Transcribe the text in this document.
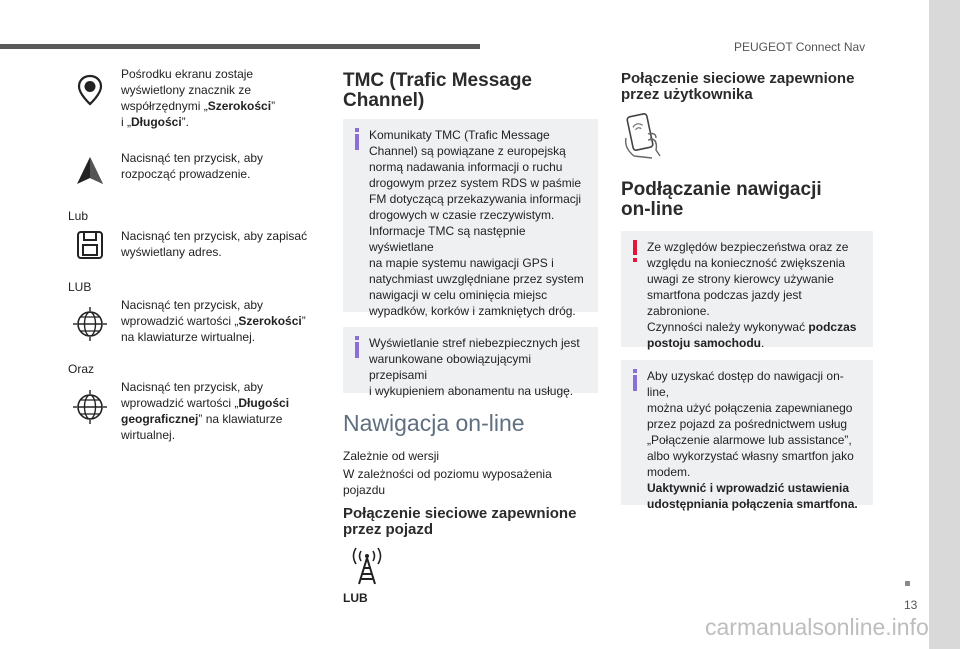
PEUGEOT Connect Nav
13
carmanualsonline.info
Pośrodku ekranu zostaje
wyświetlony znacznik ze
współrzędnymi „Szerokości”
i „Długości”.
Nacisnąć ten przycisk, aby
rozpocząć prowadzenie.
Lub
Nacisnąć ten przycisk, aby zapisać
wyświetlany adres.
LUB
Nacisnąć ten przycisk, aby
wprowadzić wartości „Szerokości”
na klawiaturze wirtualnej.
Oraz
Nacisnąć ten przycisk, aby
wprowadzić wartości „Długości
geograficznej” na klawiaturze
wirtualnej.
TMC (Trafic Message
Channel)
Komunikaty TMC (Trafic Message
Channel) są powiązane z europejską
normą nadawania informacji o ruchu
drogowym przez system RDS w paśmie
FM dotyczącą przekazywania informacji
drogowych w czasie rzeczywistym.
Informacje TMC są następnie wyświetlane
na mapie systemu nawigacji GPS i
natychmiast uwzględniane przez system
nawigacji w celu ominięcia miejsc
wypadków, korków i zamkniętych dróg.
Wyświetlanie stref niebezpiecznych jest
warunkowane obowiązującymi przepisami
i wykupieniem abonamentu na usługę.
Nawigacja on-line
Zależnie od wersji
W zależności od poziomu wyposażenia
pojazdu
Połączenie sieciowe zapewnione
przez pojazd
LUB
Połączenie sieciowe zapewnione
przez użytkownika
Podłączanie nawigacji
on-line
Ze względów bezpieczeństwa oraz ze
względu na konieczność zwiększenia
uwagi ze strony kierowcy używanie
smartfona podczas jazdy jest zabronione.
Czynności należy wykonywać podczas
postoju samochodu.
Aby uzyskać dostęp do nawigacji on-line,
można użyć połączenia zapewnianego
przez pojazd za pośrednictwem usług
„Połączenie alarmowe lub assistance”,
albo wykorzystać własny smartfon jako
modem.
Uaktywnić i wprowadzić ustawienia
udostępniania połączenia smartfona.
